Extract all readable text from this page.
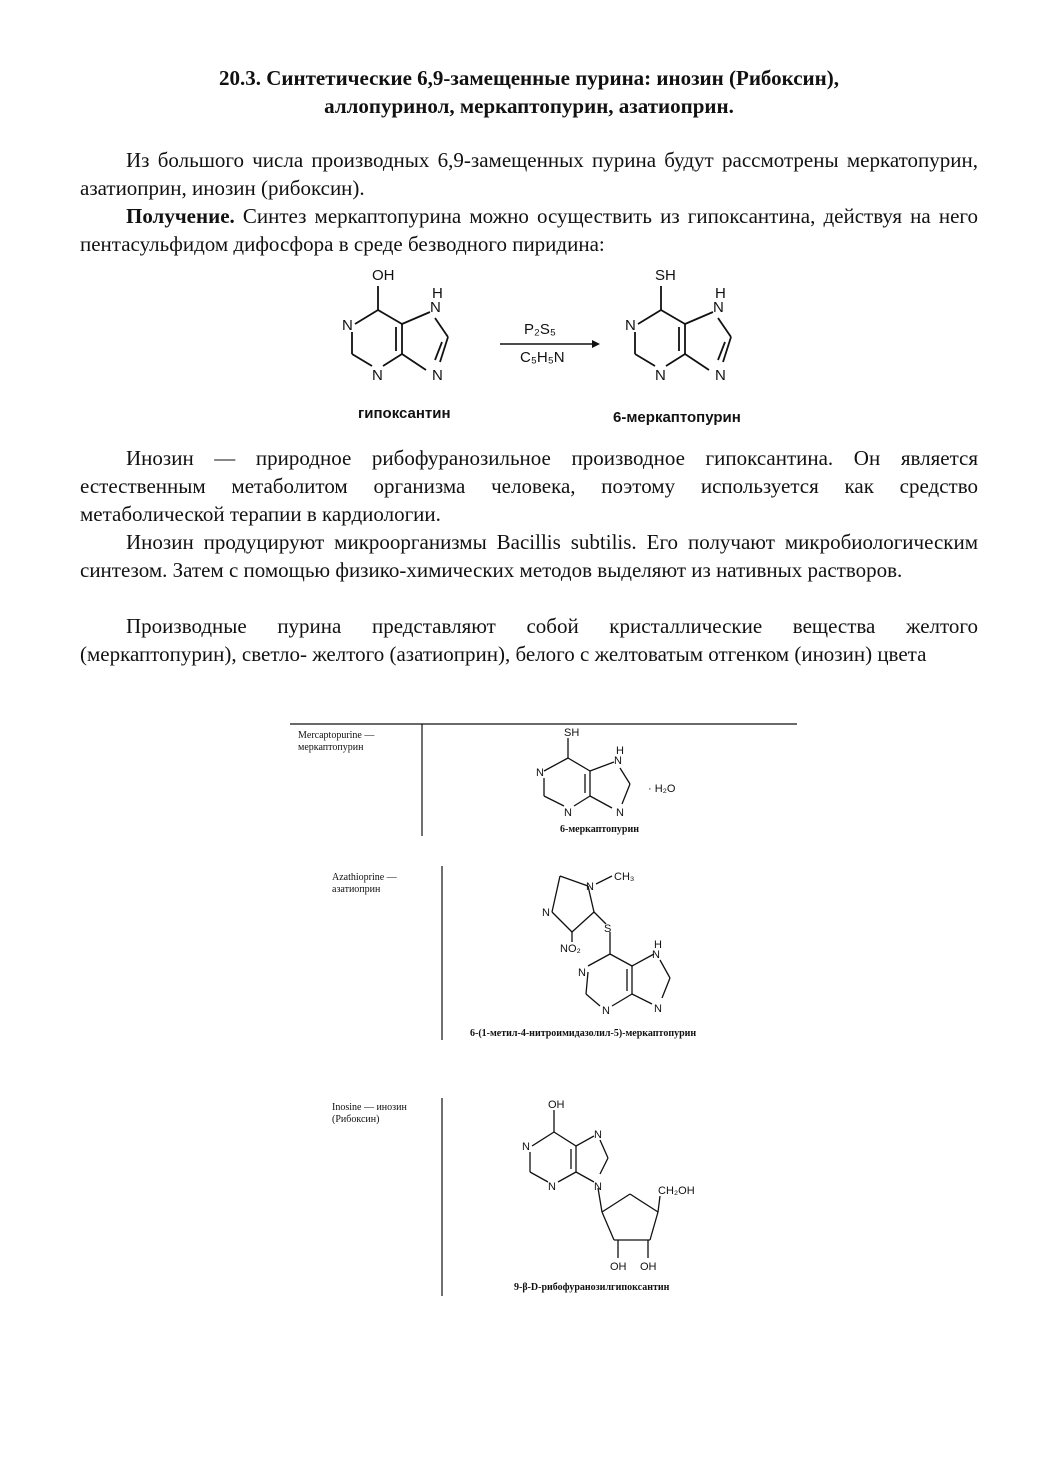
20.3. Синтетические 6,9-замещенные пурина: инозин (Рибоксин),
аллопуринол, меркаптопурин, азатиоприн.
Из большого числа производных 6,9-замещенных пурина будут рассмотрены меркатопурин, азатиоприн, инозин (рибоксин).
Получение. Синтез меркаптопурина можно осуществить из гипоксантина, действуя на него пентасульфидом дифосфора в среде безводного пиридина:
OH
N
N
N
H
N
P₂S₅
C₅H₅N
SH
N
N
N
H
N
гипоксантин	6-меркаптопурин
Инозин — природное рибофуранозильное производное гипоксантина. Он является естественным метаболитом организма человека, поэтому используется как средство метаболической терапии в кардиологии.
Инозин продуцируют микроорганизмы Bacillis subtilis. Его получают микробиологическим синтезом. Затем с помощью физико-химических методов выделяют из нативных растворов.
Производные пурина представляют собой кристаллические вещества желтого (меркаптопурин), светло- желтого (азатиоприн), белого с желтоватым отгенком (инозин) цвета
Mercaptopurine —
меркаптопурин
Azathioprine —
азатиоприн
Inosine — инозин
(Рибоксин)
SH
N
N
N
H
N
· H₂O
6-меркаптопурин
N
CH₃
N
NO₂
S
N
N
N
H
N
6-(1-метил-4-нитроимидазолил-5)-меркаптопурин
OH
N
N
N
N	CH₂OH
OH OH
9-β-D-рибофуранозилгипоксантин
